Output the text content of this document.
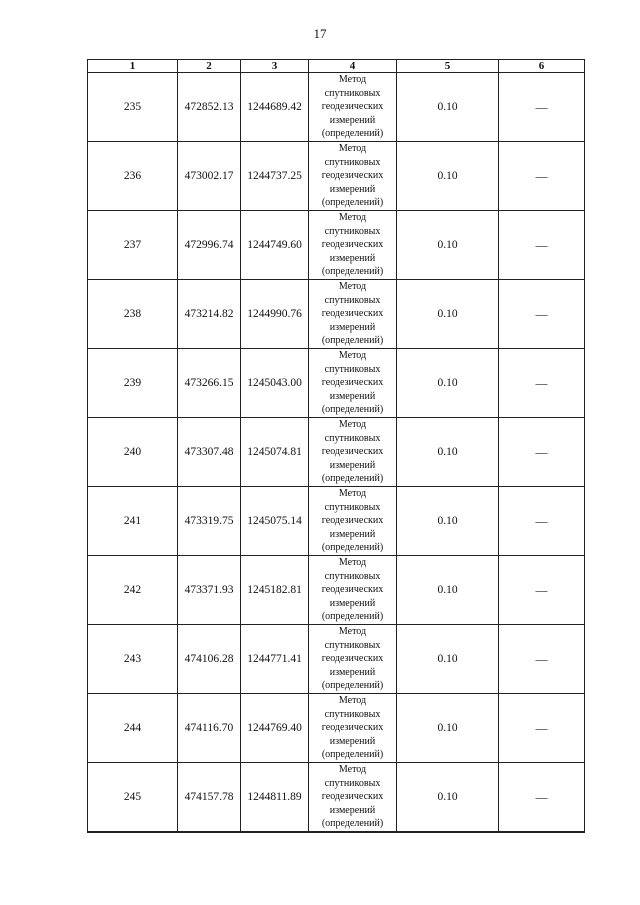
17
1	2	3	4	5	6
235	472852.13	1244689.42	Метод
спутниковых
геодезических
измерений
(определений)	0.10	—
236	473002.17	1244737.25	Метод
спутниковых
геодезических
измерений
(определений)	0.10	—
237	472996.74	1244749.60	Метод
спутниковых
геодезических
измерений
(определений)	0.10	—
238	473214.82	1244990.76	Метод
спутниковых
геодезических
измерений
(определений)	0.10	—
239	473266.15	1245043.00	Метод
спутниковых
геодезических
измерений
(определений)	0.10	—
240	473307.48	1245074.81	Метод
спутниковых
геодезических
измерений
(определений)	0.10	—
241	473319.75	1245075.14	Метод
спутниковых
геодезических
измерений
(определений)	0.10	—
242	473371.93	1245182.81	Метод
спутниковых
геодезических
измерений
(определений)	0.10	—
243	474106.28	1244771.41	Метод
спутниковых
геодезических
измерений
(определений)	0.10	—
244	474116.70	1244769.40	Метод
спутниковых
геодезических
измерений
(определений)	0.10	—
245	474157.78	1244811.89	Метод
спутниковых
геодезических
измерений
(определений)	0.10	—
